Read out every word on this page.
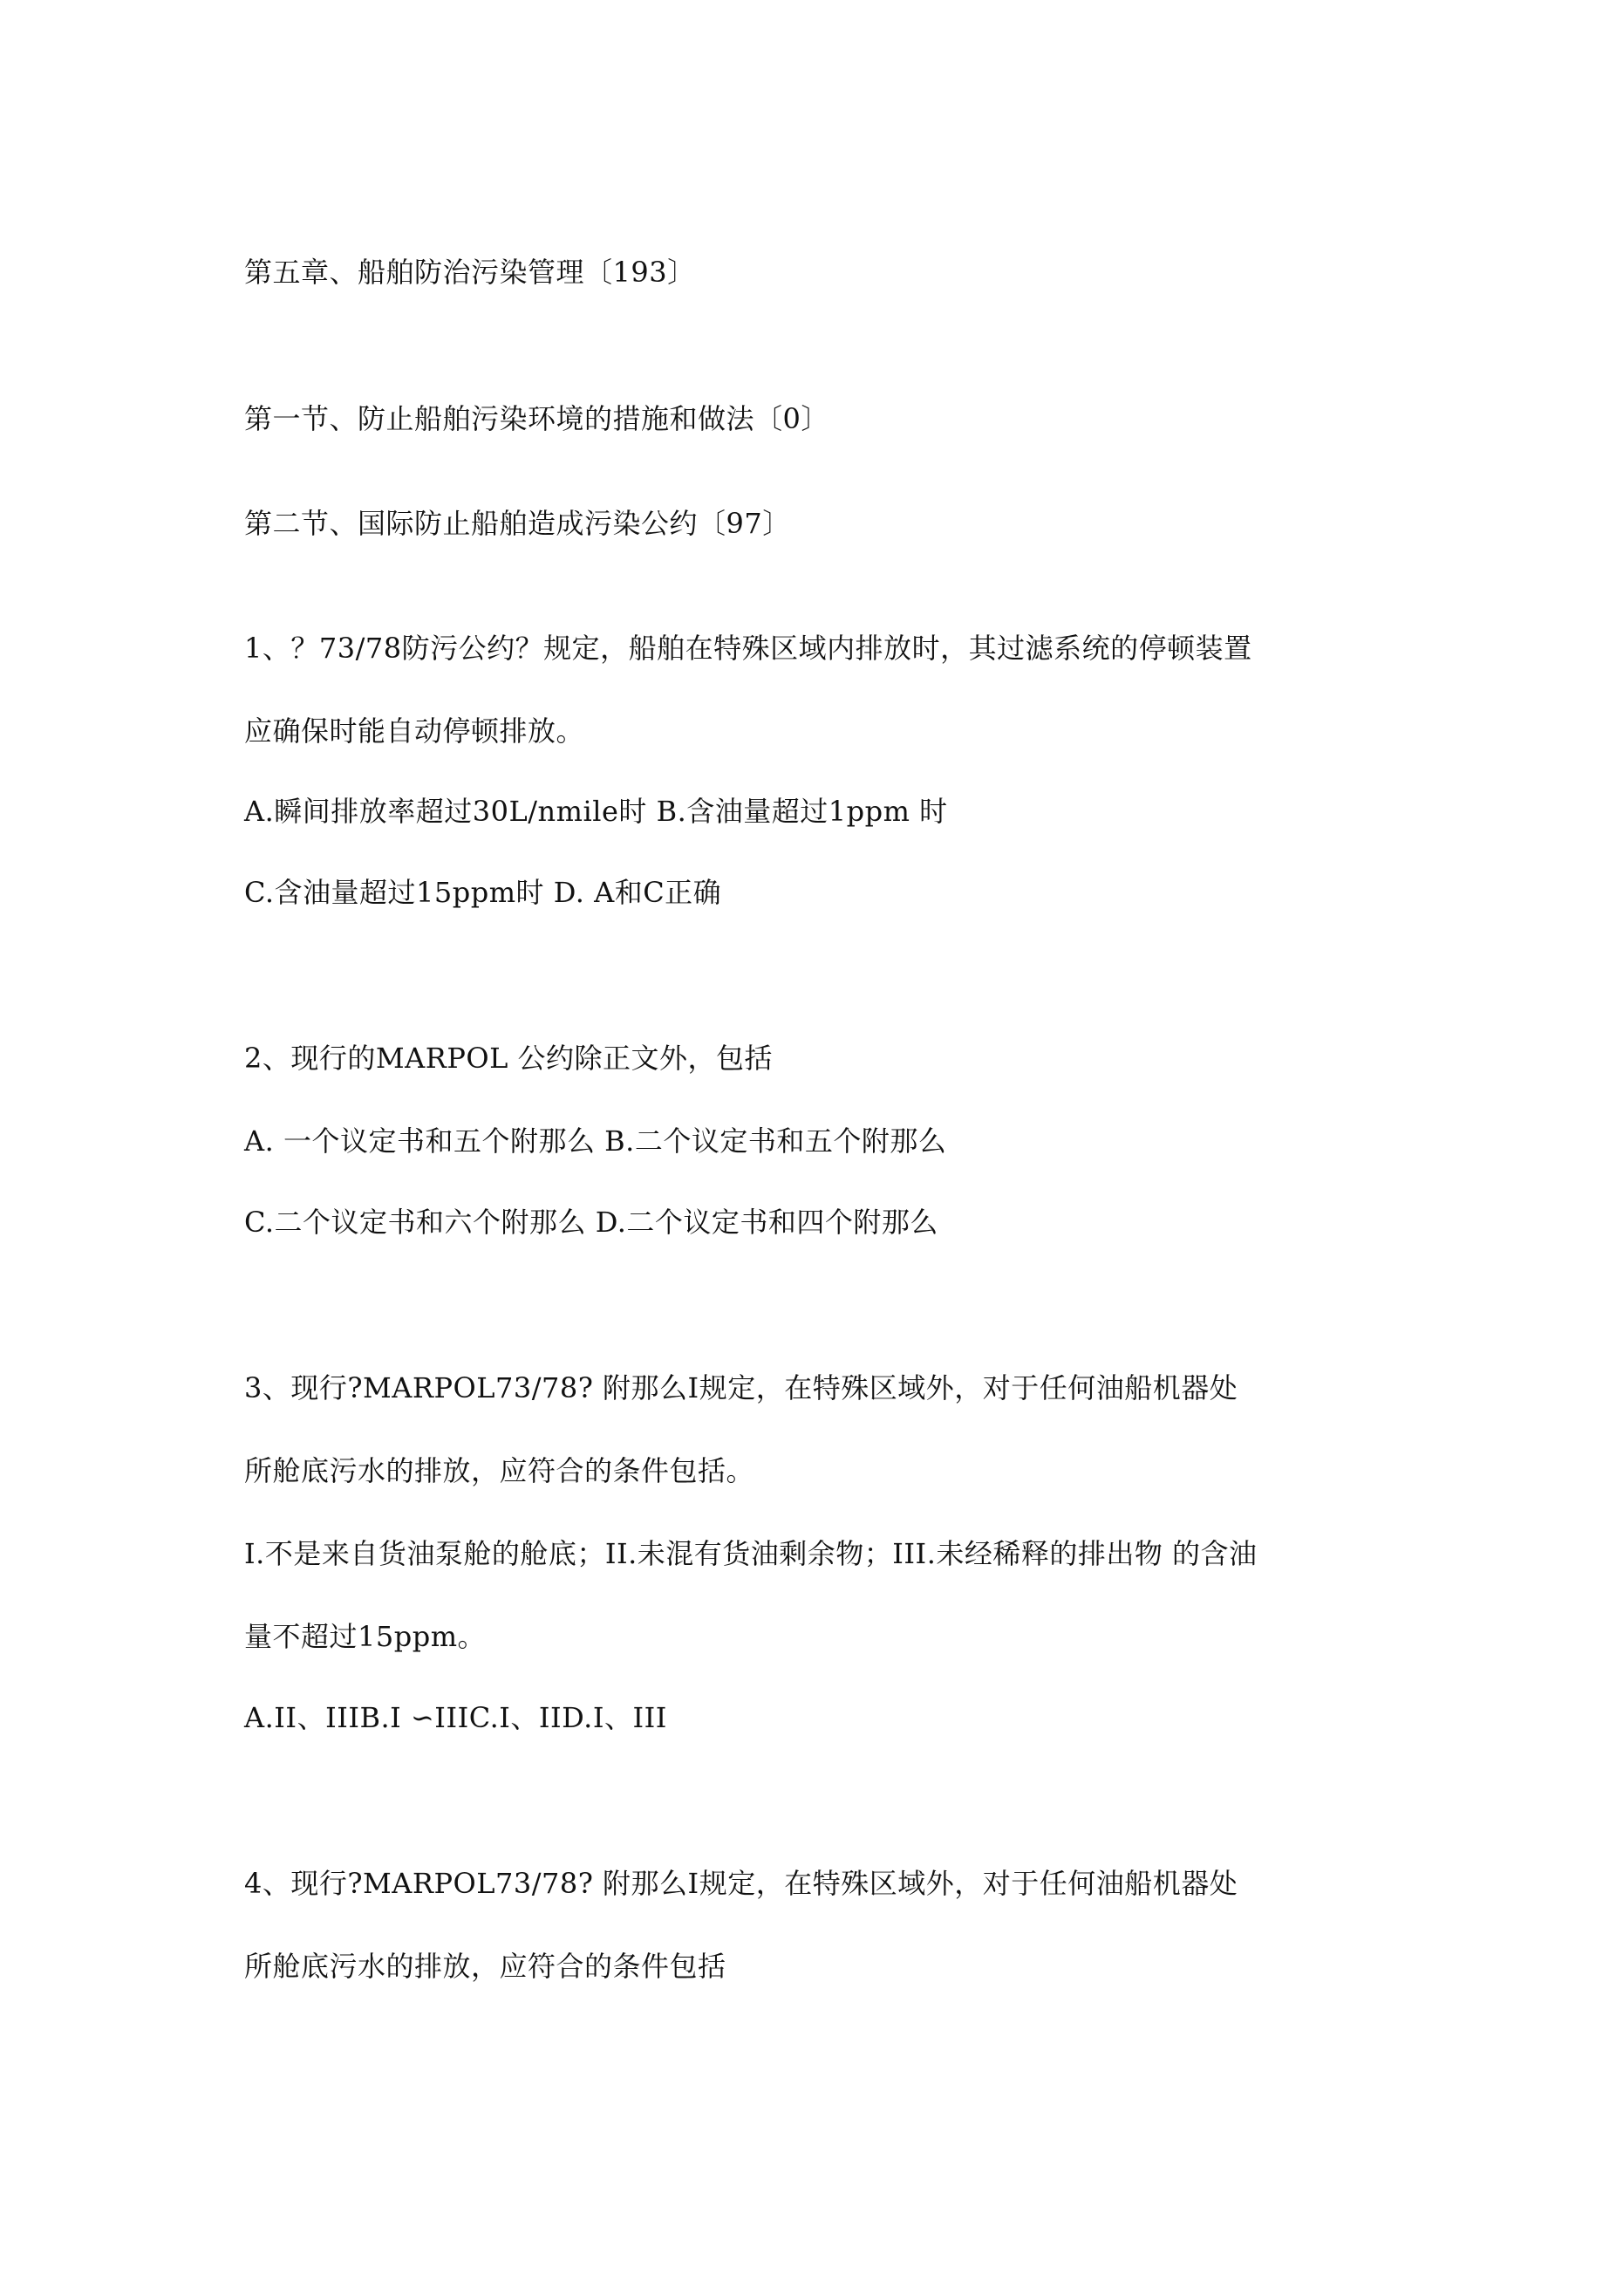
第五章、船舶防治污染管理〔193〕
第一节、防止船舶污染环境的措施和做法〔0〕
第二节、国际防止船舶造成污染公约〔97〕
1、？73/78防污公约？规定，船舶在特殊区域内排放时，其过滤系统的停顿装置
应确保时能自动停顿排放。
A.瞬间排放率超过30L/nmile时 B.含油量超过1ppm 时
C.含油量超过15ppm时 D. A和C正确
2、现行的MARPOL 公约除正文外，包括
A. 一个议定书和五个附那么 B.二个议定书和五个附那么
C.二个议定书和六个附那么 D.二个议定书和四个附那么
3、现行?MARPOL73/78? 附那么Ⅰ规定，在特殊区域外，对于任何油船机器处
所舱底污水的排放，应符合的条件包括。
I.不是来自货油泵舱的舱底；II.未混有货油剩余物；III.未经稀释的排出物 的含油
量不超过15ppm。
A.II、IIIB.I ∽IIIC.I、IID.I、III
4、现行?MARPOL73/78? 附那么Ⅰ规定，在特殊区域外，对于任何油船机器处
所舱底污水的排放，应符合的条件包括
